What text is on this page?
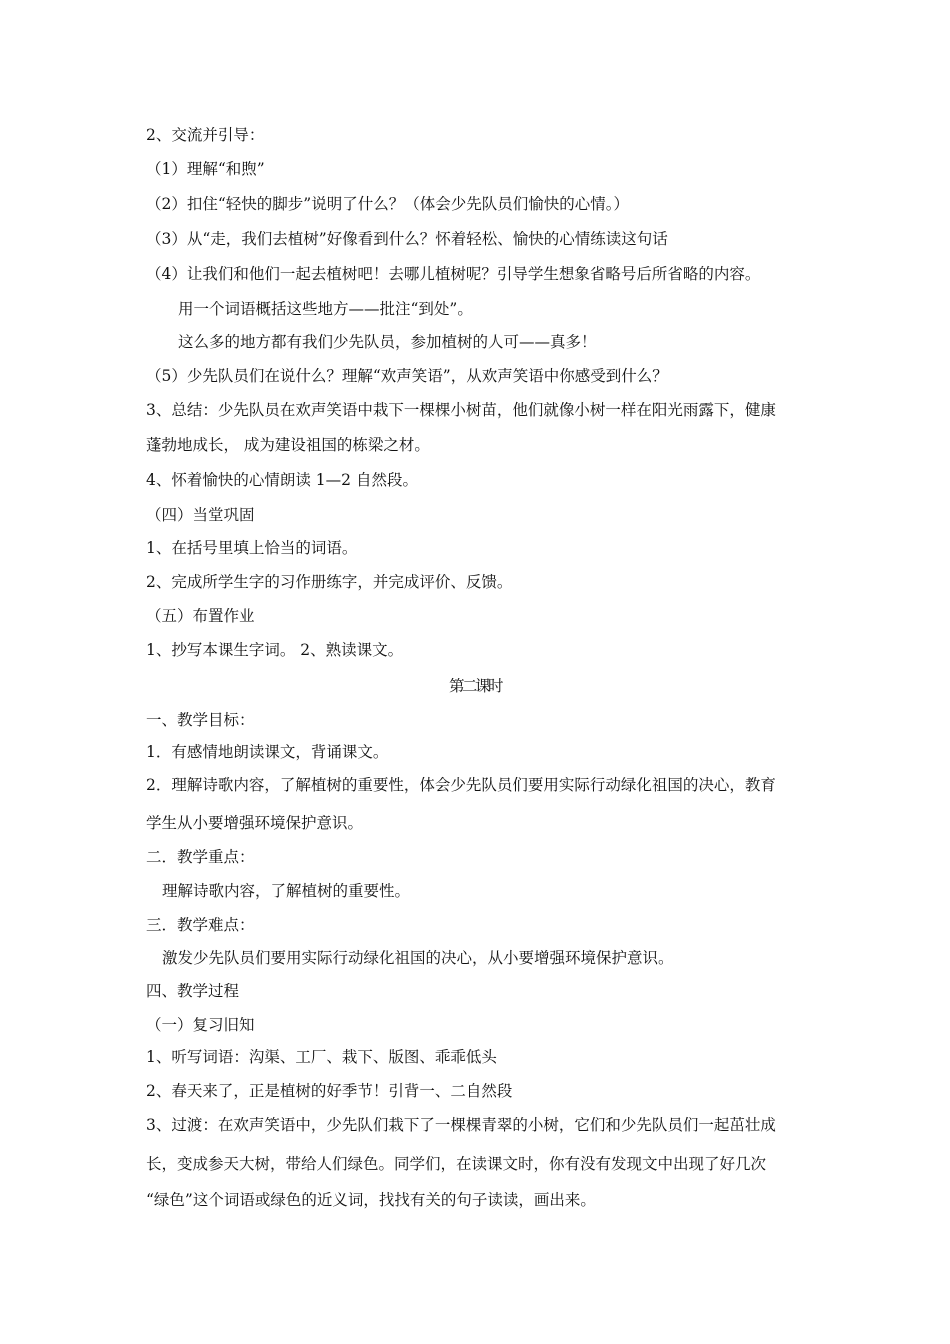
2、交流并引导：
（1）理解“和煦”
（2）扣住“轻快的脚步”说明了什么？（体会少先队员们愉快的心情。）
（3）从“走，我们去植树”好像看到什么？怀着轻松、愉快的心情练读这句话
（4）让我们和他们一起去植树吧！去哪儿植树呢？引导学生想象省略号后所省略的内容。
用一个词语概括这些地方——批注“到处”。
这么多的地方都有我们少先队员，参加植树的人可——真多！
（5）少先队员们在说什么？理解“欢声笑语”，从欢声笑语中你感受到什么？
3、总结：少先队员在欢声笑语中栽下一棵棵小树苗，他们就像小树一样在阳光雨露下，健康
蓬勃地成长， 成为建设祖国的栋梁之材。
4、怀着愉快的心情朗读 1—2 自然段。
（四）当堂巩固
1、在括号里填上恰当的词语。
2、完成所学生字的习作册练字，并完成评价、反馈。
（五）布置作业
1、抄写本课生字词。 2、熟读课文。
第二课时
一、教学目标：
1．有感情地朗读课文，背诵课文。
2．理解诗歌内容，了解植树的重要性，体会少先队员们要用实际行动绿化祖国的决心，教育
学生从小要增强环境保护意识。
二．教学重点：
理解诗歌内容，了解植树的重要性。
三．教学难点：
激发少先队员们要用实际行动绿化祖国的决心，从小要增强环境保护意识。
四、教学过程
（一）复习旧知
1、听写词语：沟渠、工厂、栽下、版图、乖乖低头
2、春天来了，正是植树的好季节！引背一、二自然段
3、过渡：在欢声笑语中，少先队们栽下了一棵棵青翠的小树，它们和少先队员们一起茁壮成
长，变成参天大树，带给人们绿色。同学们，在读课文时，你有没有发现文中出现了好几次
“绿色”这个词语或绿色的近义词，找找有关的句子读读，画出来。
